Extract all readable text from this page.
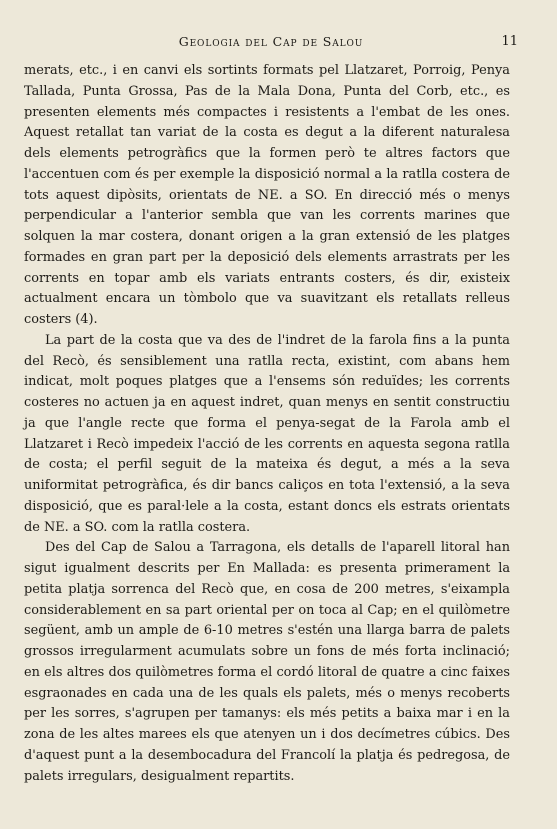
Geologia del Cap de Salou	11

merats, etc., i en canvi els sortints formats pel Llatzaret, Porroig, Penya Tallada, Punta Grossa, Pas de la Mala Dona, Punta del Corb, etc., es presenten elements més compactes i resistents a l'embat de les ones. Aquest retallat tan variat de la costa es degut a la diferent naturalesa dels elements petrogràfics que la formen però te altres factors que l'accentuen com és per exemple la disposició normal a la ratlla costera de tots aquest dipòsits, orientats de NE. a SO. En direcció més o menys perpendicular a l'anterior sembla que van les corrents marines que solquen la mar costera, donant origen a la gran extensió de les platges formades en gran part per la deposició dels elements arrastrats per les corrents en topar amb els variats entrants costers, és dir, existeix actualment encara un tòmbolo que va suavitzant els retallats relleus costers (4).

La part de la costa que va des de l'indret de la farola fins a la punta del Recò, és sensiblement una ratlla recta, existint, com abans hem indicat, molt poques platges que a l'ensems són reduïdes; les corrents costeres no actuen ja en aquest indret, quan menys en sentit constructiu ja que l'angle recte que forma el penya-segat de la Farola amb el Llatzaret i Recò impedeix l'acció de les corrents en aquesta segona ratlla de costa; el perfil seguit de la mateixa és degut, a més a la seva uniformitat petrogràfica, és dir bancs caliços en tota l'extensió, a la seva disposició, que es paral·lele a la costa, estant doncs els estrats orientats de NE. a SO. com la ratlla costera.

Des del Cap de Salou a Tarragona, els detalls de l'aparell litoral han sigut igualment descrits per En Mallada: es presenta primerament la petita platja sorrenca del Recò que, en cosa de 200 metres, s'eixampla considerablement en sa part oriental per on toca al Cap; en el quilòmetre següent, amb un ample de 6-10 metres s'estén una llarga barra de palets grossos irregularment acumulats sobre un fons de més forta inclinació; en els altres dos quilòmetres forma el cordó litoral de quatre a cinc faixes esgraonades en cada una de les quals els palets, més o menys recoberts per les sorres, s'agrupen per tamanys: els més petits a baixa mar i en la zona de les altes marees els que atenyen un i dos decímetres cúbics. Des d'aquest punt a la desembocadura del Francolí la platja és pedregosa, de palets irregulars, desigualment repartits.
